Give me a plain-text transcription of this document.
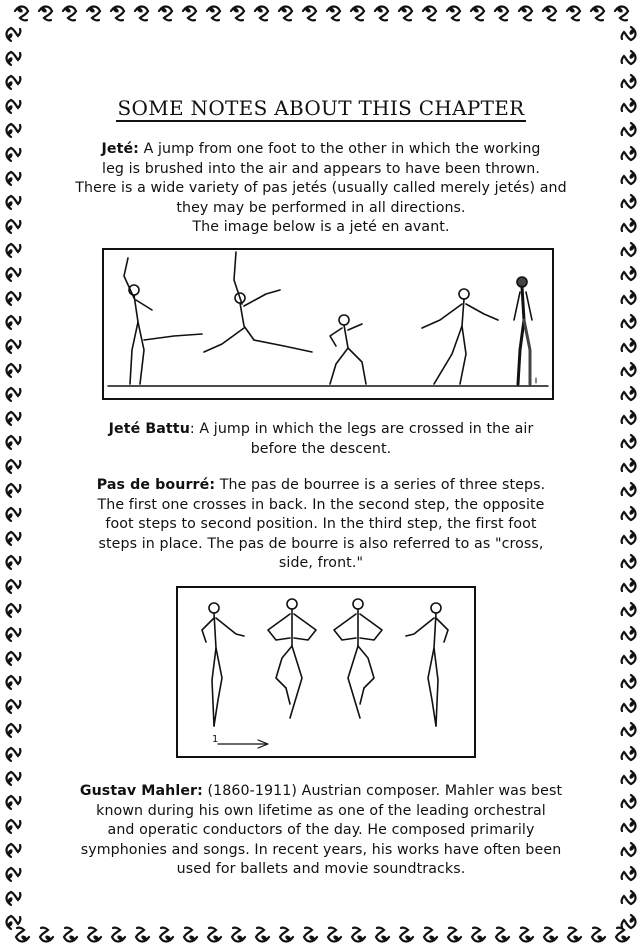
SOME NOTES ABOUT THIS CHAPTER
Jeté: A jump from one foot to the other in which the working
leg is brushed into the air and appears to have been thrown.
There is a wide variety of pas jetés (usually called merely jetés) and
they may be performed in all directions.
The image below is a jeté en avant.
Jeté Battu: A jump in which the legs are crossed in the air
before the descent.
Pas de bourré: The pas de bourree is a series of three steps.
The first one crosses in back. In the second step, the opposite
foot steps to second position. In the third step, the first foot
steps in place. The pas de bourre is also referred to as "cross,
side, front."
1
Gustav Mahler: (1860-1911) Austrian composer. Mahler was best
known during his own lifetime as one of the leading orchestral
and operatic conductors of the day. He composed primarily
symphonies and songs. In recent years, his works have often been
used for ballets and movie soundtracks.
